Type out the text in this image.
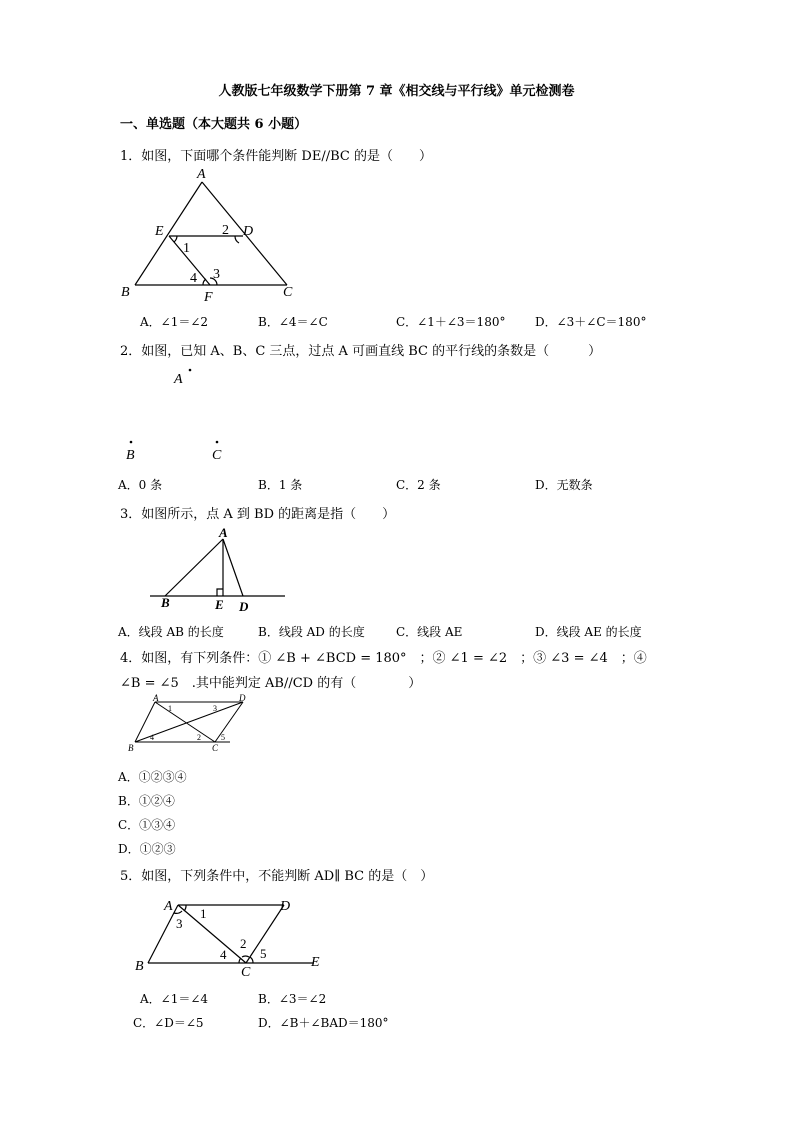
人教版七年级数学下册第 7 章《相交线与平行线》单元检测卷
一、单选题（本大题共 6 小题）
1．如图，下面哪个条件能判断 DE//BC 的是（　　）
A
E	D
B	F	C
1
2
3
4
A．∠1＝∠2	B．∠4＝∠C	C．∠1＋∠3＝180° D．∠3＋∠C＝180°
2．如图，已知 A、B、C 三点，过点 A 可画直线 BC 的平行线的条数是（　　　）
A
B	C
A．0 条	B．1 条	C．2 条	D．无数条
3．如图所示，点 A 到 BD 的距离是指（　　）
A
B	E D
A．线段 AB 的长度	B．线段 AD 的长度	C．线段 AE	D．线段 AE 的长度
4．如图，有下列条件：① ∠B + ∠BCD = 180°　；② ∠1 = ∠2　；③ ∠3 = ∠4　；④
∠B = ∠5　.其中能判定 AB//CD 的有（　　　　）
A	D
B	C
1	3
4	2	5
A．①②③④
B．①②④
C．①③④
D．①②③
5．如图，下列条件中，不能判断 AD∥ BC 的是（　）
A	D
B	C
E
1
3
2
4	5
A．∠1＝∠4	B．∠3＝∠2
C．∠D＝∠5	D．∠B＋∠BAD＝180°
